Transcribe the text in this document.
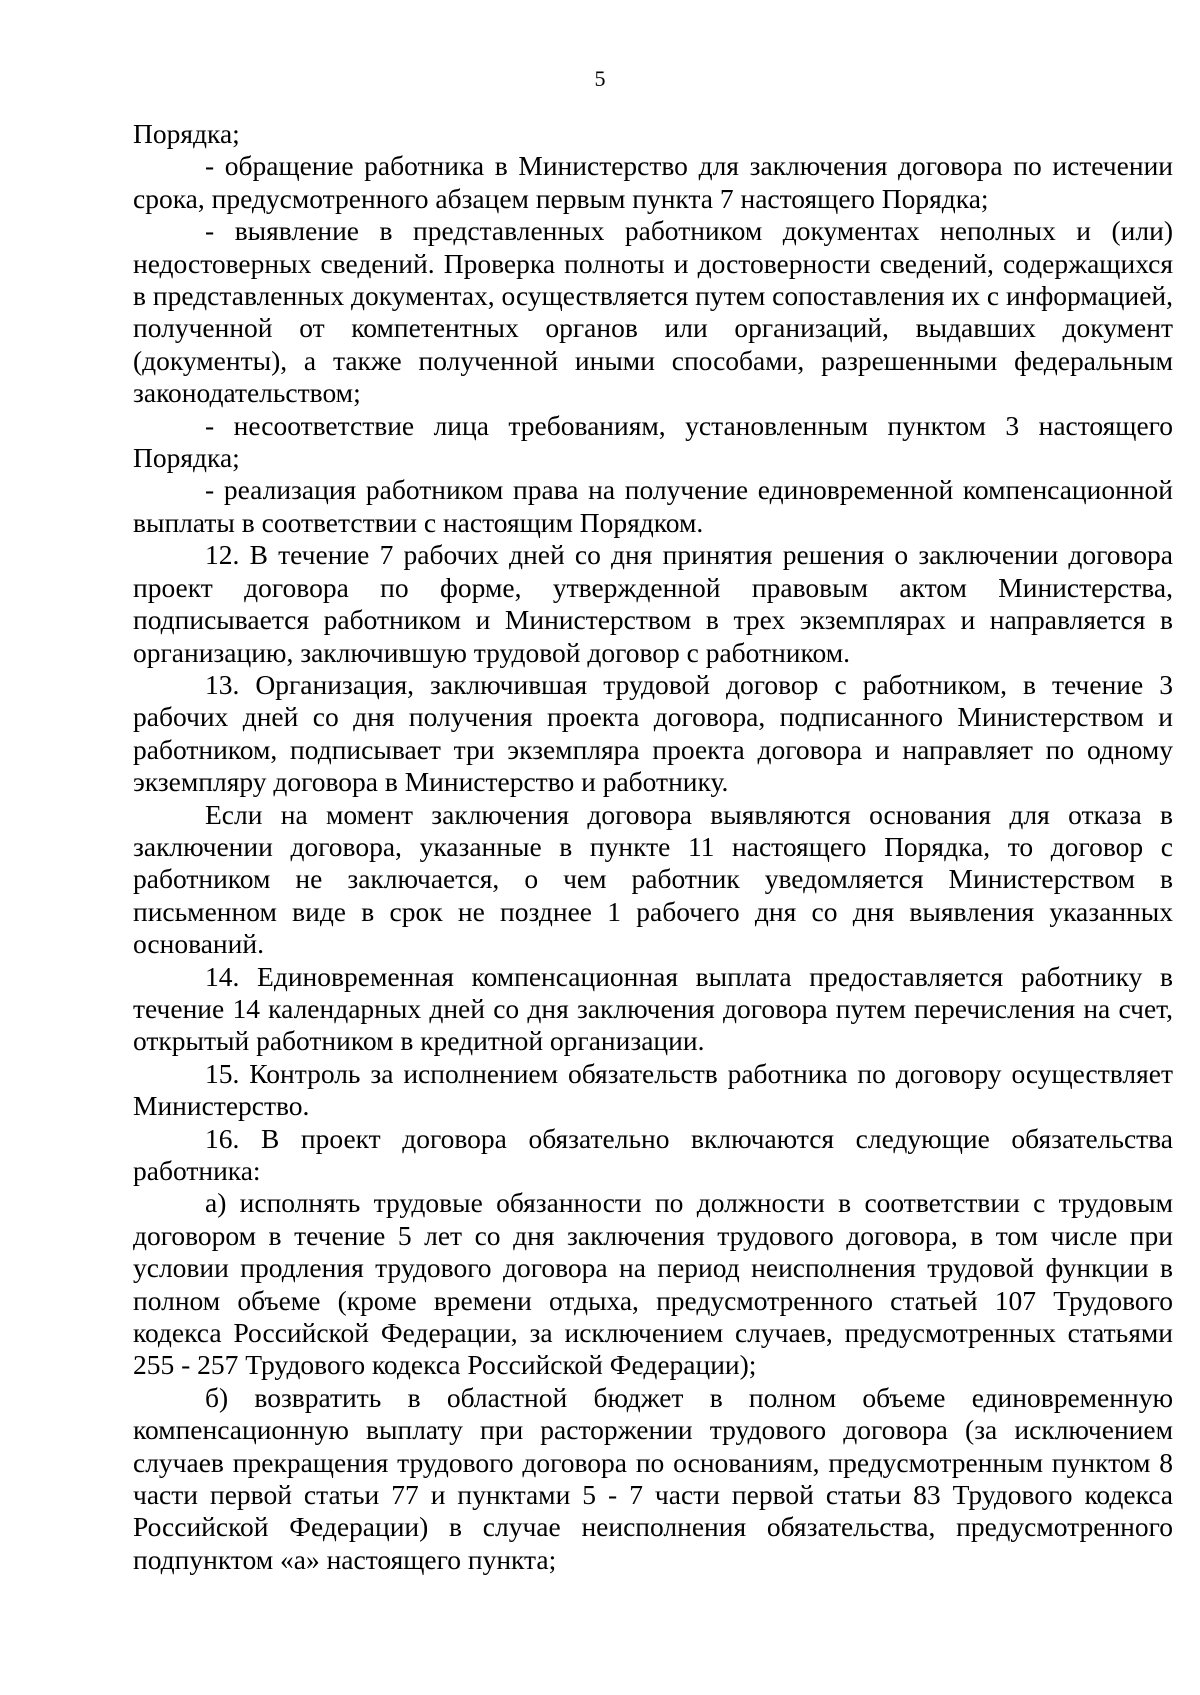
5

Порядка;

- обращение работника в Министерство для заключения договора по истечении срока, предусмотренного абзацем первым пункта 7 настоящего Порядка;

- выявление в представленных работником документах неполных и (или) недостоверных сведений. Проверка полноты и достоверности сведений, содержащихся в представленных документах, осуществляется путем сопоставления их с информацией, полученной от компетентных органов или организаций, выдавших документ (документы), а также полученной иными способами, разрешенными федеральным законодательством;

- несоответствие лица требованиям, установленным пунктом 3 настоящего Порядка;

- реализация работником права на получение единовременной компенсационной выплаты в соответствии с настоящим Порядком.

12. В течение 7 рабочих дней со дня принятия решения о заключении договора проект договора по форме, утвержденной правовым актом Министерства, подписывается работником и Министерством в трех экземплярах и направляется в организацию, заключившую трудовой договор с работником.

13. Организация, заключившая трудовой договор с работником, в течение 3 рабочих дней со дня получения проекта договора, подписанного Министерством и работником, подписывает три экземпляра проекта договора и направляет по одному экземпляру договора в Министерство и работнику.

Если на момент заключения договора выявляются основания для отказа в заключении договора, указанные в пункте 11 настоящего Порядка, то договор с работником не заключается, о чем работник уведомляется Министерством в письменном виде в срок не позднее 1 рабочего дня со дня выявления указанных оснований.

14. Единовременная компенсационная выплата предоставляется работнику в течение 14 календарных дней со дня заключения договора путем перечисления на счет, открытый работником в кредитной организации.

15. Контроль за исполнением обязательств работника по договору осуществляет Министерство.

16. В проект договора обязательно включаются следующие обязательства работника:

а) исполнять трудовые обязанности по должности в соответствии с трудовым договором в течение 5 лет со дня заключения трудового договора, в том числе при условии продления трудового договора на период неисполнения трудовой функции в полном объеме (кроме времени отдыха, предусмотренного статьей 107 Трудового кодекса Российской Федерации, за исключением случаев, предусмотренных статьями 255 - 257 Трудового кодекса Российской Федерации);

б) возвратить в областной бюджет в полном объеме единовременную компенсационную выплату при расторжении трудового договора (за исключением случаев прекращения трудового договора по основаниям, предусмотренным пунктом 8 части первой статьи 77 и пунктами 5 - 7 части первой статьи 83 Трудового кодекса Российской Федерации) в случае неисполнения обязательства, предусмотренного подпунктом «а» настоящего пункта;
